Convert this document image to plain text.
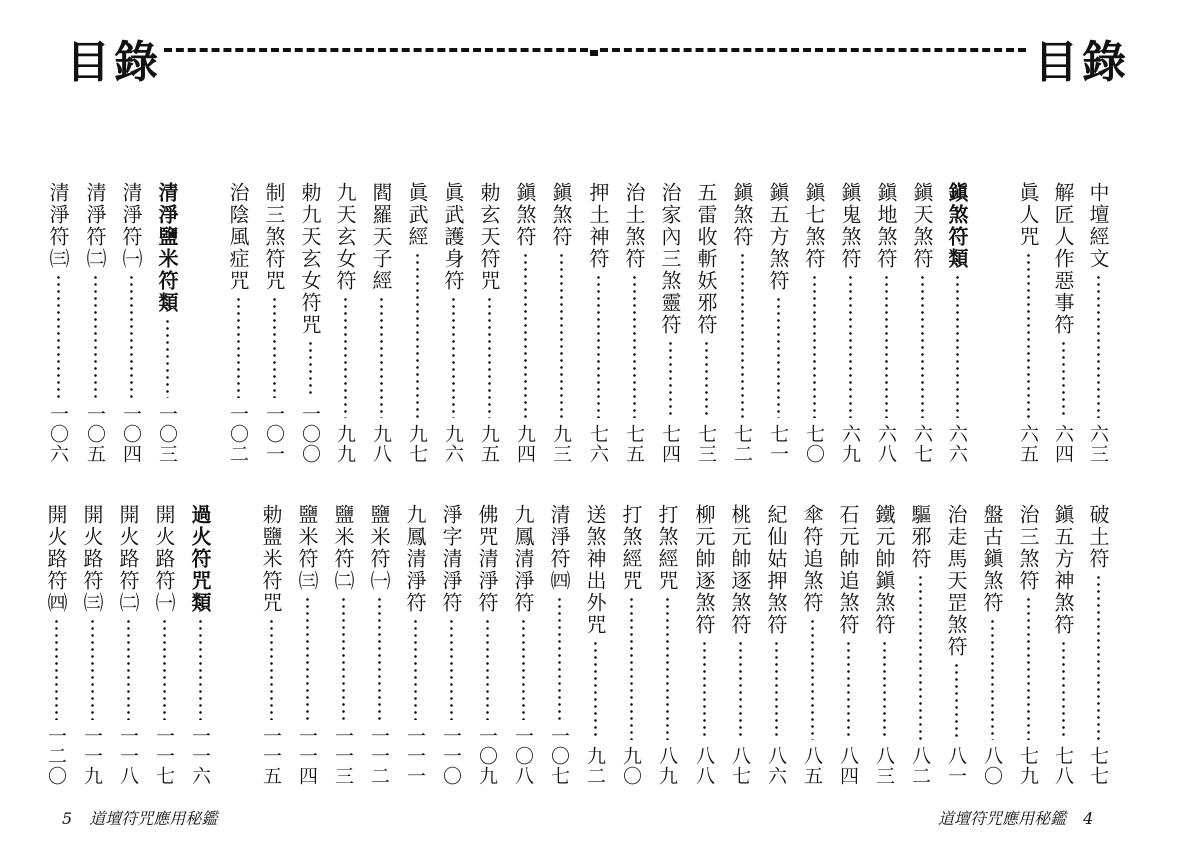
目錄	目錄
中壇經文
六三
解匠人作惡事符
六四
眞人咒
六五
鎭煞符類
六六
鎭天煞符
六七
鎭地煞符
六八
鎭鬼煞符
六九
鎭七煞符
七〇
鎭五方煞符
七一
鎭煞符
七二
五雷收斬妖邪符
七三
治家內三煞靈符
七四
治土煞符
七五
押土神符
七六
鎭煞符
九三
鎭煞符
九四
勅玄天符咒
九五
眞武護身符
九六
眞武經
九七
閻羅天子經
九八
九天玄女符
九九
勅九天玄女符咒
一〇〇
制三煞符咒
一〇一
治陰風症咒
一〇二
清淨鹽米符類
一〇三
清淨符㈠
一〇四
清淨符㈡
一〇五
清淨符㈢
一〇六
破土符
七七
鎭五方神煞符
七八
治三煞符
七九
盤古鎭煞符
八〇
治走馬天罡煞符
八一
驅邪符
八二
鐵元帥鎭煞符
八三
石元帥追煞符
八四
傘符追煞符
八五
紀仙姑押煞符
八六
桃元帥逐煞符
八七
柳元帥逐煞符
八八
打煞經咒
八九
打煞經咒
九〇
送煞神出外咒
九二
清淨符㈣
一〇七
九鳳清淨符
一〇八
佛咒清淨符
一〇九
淨字清淨符
一一〇
九鳳清淨符
一一一
鹽米符㈠
一一二
鹽米符㈡
一一三
鹽米符㈢
一一四
勅鹽米符咒
一一五
過火符咒類
一一六
開火路符㈠
一一七
開火路符㈡
一一八
開火路符㈢
一一九
開火路符㈣
一二〇
5 道壇符咒應用秘鑑	道壇符咒應用秘鑑 4
